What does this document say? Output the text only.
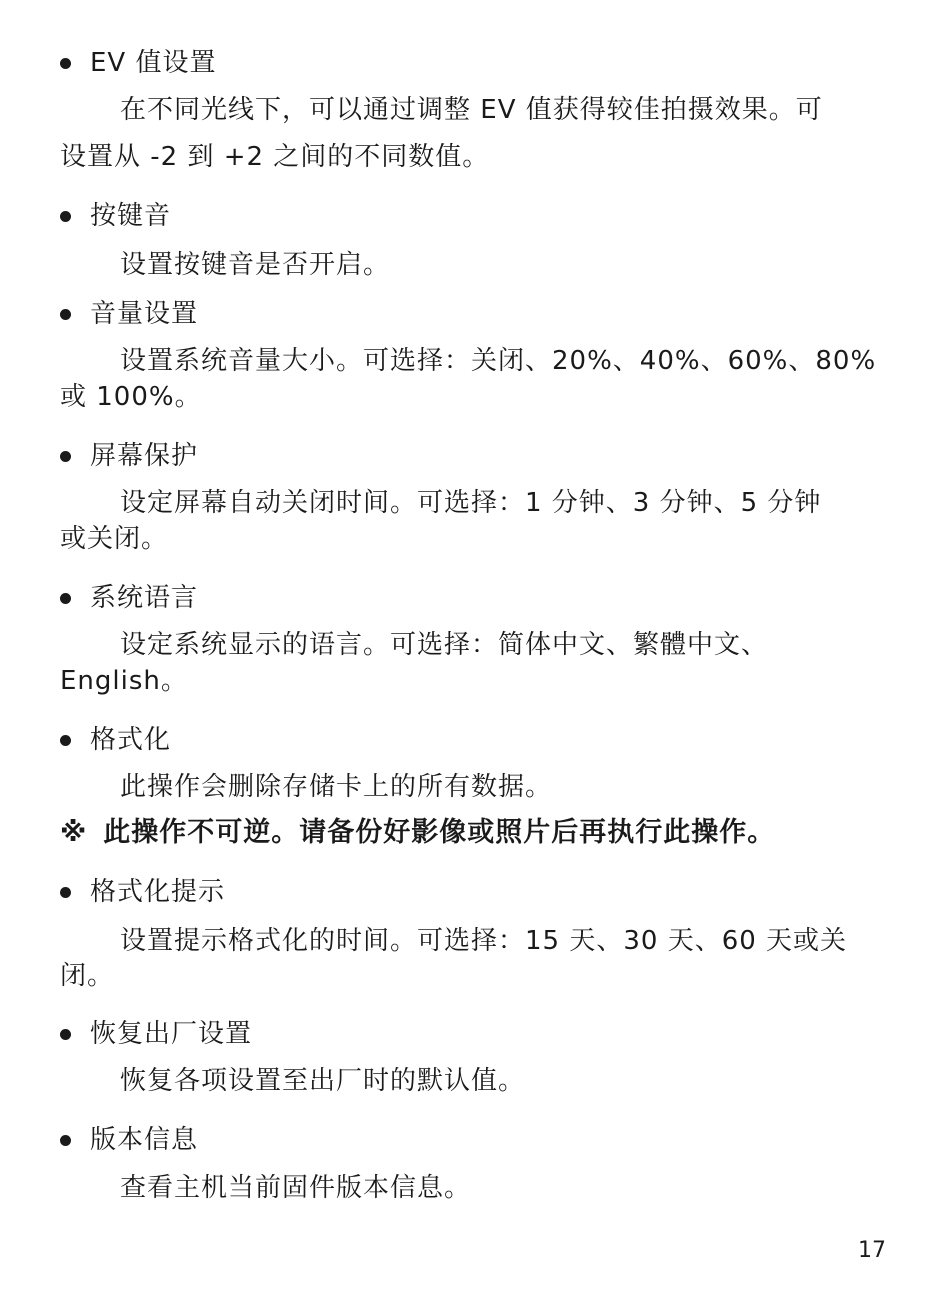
EV 值设置
在不同光线下，可以通过调整 EV 值获得较佳拍摄效果。可
设置从 -2 到 +2 之间的不同数值。
按键音
设置按键音是否开启。
音量设置
设置系统音量大小。可选择：关闭、20%、40%、60%、80%
或 100%。
屏幕保护
设定屏幕自动关闭时间。可选择：1 分钟、3 分钟、5 分钟
或关闭。
系统语言
设定系统显示的语言。可选择：简体中文、繁體中文、
English。
格式化
此操作会删除存储卡上的所有数据。
※ 此操作不可逆。请备份好影像或照片后再执行此操作。
格式化提示
设置提示格式化的时间。可选择：15 天、30 天、60 天或关
闭。
恢复出厂设置
恢复各项设置至出厂时的默认值。
版本信息
查看主机当前固件版本信息。
17
